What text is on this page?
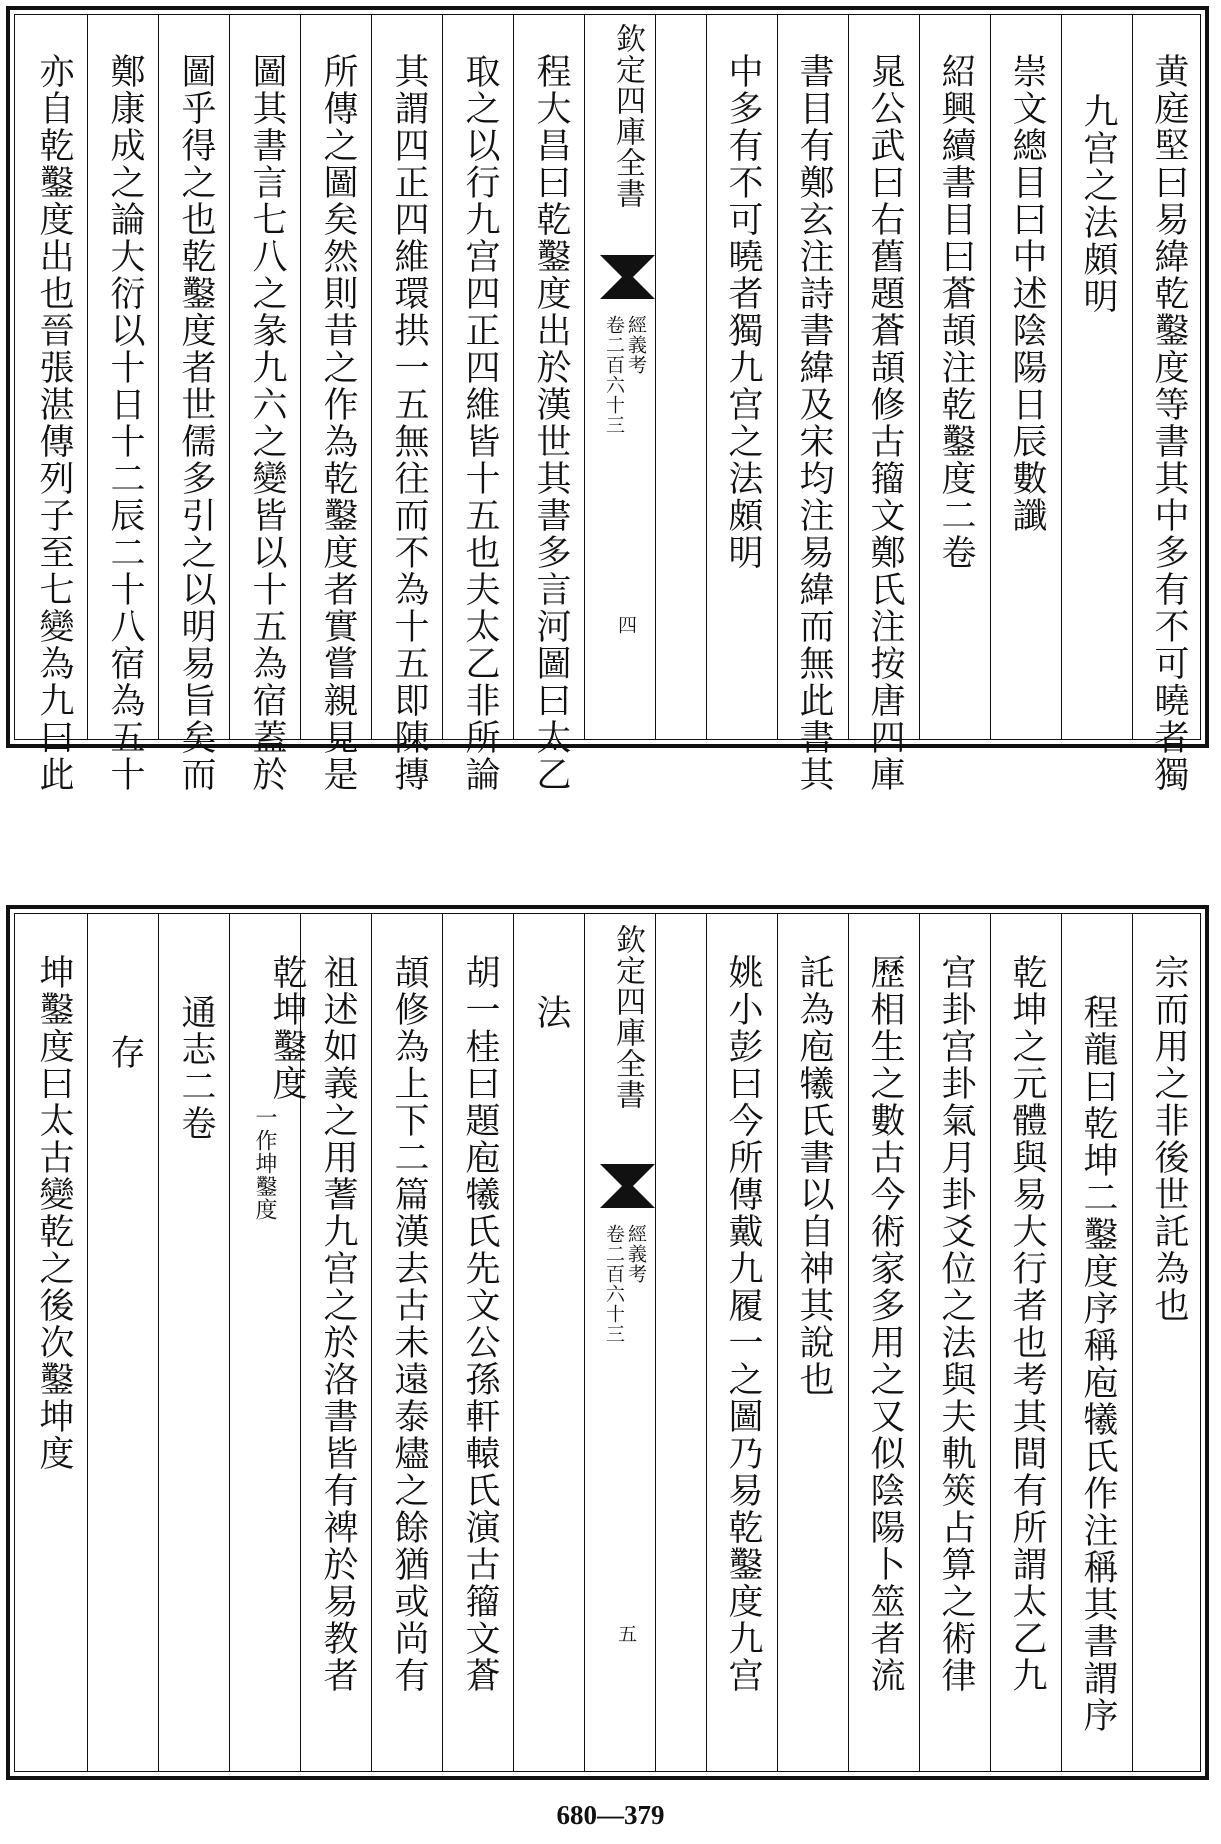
黄庭堅曰易緯乾鑿度等書其中多有不可曉者獨
九宫之法頗明
崇文總目曰中述陰陽日辰數讖
紹興續書目曰蒼頡注乾鑿度二卷
晁公武曰右舊題蒼頡修古籀文鄭氏注按唐四庫
書目有鄭玄注詩書緯及宋均注易緯而無此書其
中多有不可曉者獨九宫之法頗明
欽定四庫全書
經義考
卷二百六十三
四
程大昌曰乾鑿度出於漢世其書多言河圖曰太乙
取之以行九宫四正四維皆十五也夫太乙非所論
其謂四正四維環拱一五無往而不為十五即陳摶
所傳之圖矣然則昔之作為乾鑿度者實嘗親見是
圖其書言七八之彖九六之變皆以十五為宿蓋於
圖乎得之也乾鑿度者世儒多引之以明易旨矣而
鄭康成之論大衍以十日十二辰二十八宿為五十
亦自乾鑿度出也晉張湛傳列子至七變為九曰此
宗而用之非後世託為也
程龍曰乾坤二鑿度序稱庖犧氏作注稱其書謂序
乾坤之元體與易大行者也考其間有所謂太乙九
宫卦宫卦氣月卦爻位之法與夫軌筴占算之術律
歷相生之數古今術家多用之又似陰陽卜筮者流
託為庖犧氏書以自神其說也
姚小彭曰今所傳戴九履一之圖乃易乾鑿度九宫
欽定四庫全書
經義考
卷二百六十三
五
法
胡一桂曰題庖犧氏先文公孫軒轅氏演古籀文蒼
頡修為上下二篇漢去古未遠泰燼之餘猶或尚有
祖述如義之用蓍九宫之於洛書皆有裨於易教者
乾坤鑿度
一作坤鑿度
通志二卷
存
坤鑿度曰太古變乾之後次鑿坤度
680—379
